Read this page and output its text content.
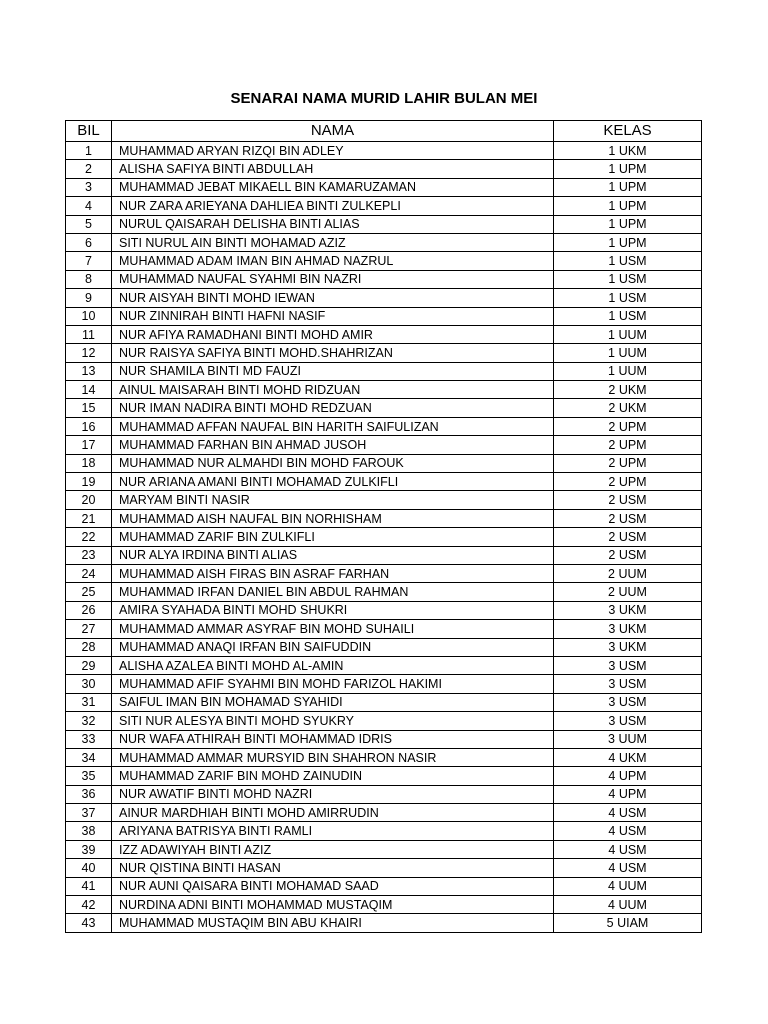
SENARAI NAMA MURID LAHIR BULAN MEI
BIL	NAMA	KELAS
1	MUHAMMAD ARYAN RIZQI BIN ADLEY	1 UKM
2	ALISHA SAFIYA BINTI ABDULLAH	1 UPM
3	MUHAMMAD JEBAT MIKAELL BIN KAMARUZAMAN	1 UPM
4	NUR ZARA ARIEYANA DAHLIEA BINTI ZULKEPLI	1 UPM
5	NURUL QAISARAH DELISHA BINTI ALIAS	1 UPM
6	SITI NURUL AIN BINTI MOHAMAD AZIZ	1 UPM
7	MUHAMMAD ADAM IMAN BIN AHMAD NAZRUL	1 USM
8	MUHAMMAD NAUFAL SYAHMI BIN NAZRI	1 USM
9	NUR AISYAH BINTI MOHD IEWAN	1 USM
10	NUR ZINNIRAH BINTI HAFNI NASIF	1 USM
11	NUR AFIYA RAMADHANI BINTI MOHD AMIR	1 UUM
12	NUR RAISYA SAFIYA BINTI MOHD.SHAHRIZAN	1 UUM
13	NUR SHAMILA BINTI MD FAUZI	1 UUM
14	AINUL MAISARAH BINTI MOHD RIDZUAN	2 UKM
15	NUR IMAN NADIRA BINTI MOHD REDZUAN	2 UKM
16	MUHAMMAD AFFAN NAUFAL BIN HARITH SAIFULIZAN	2 UPM
17	MUHAMMAD FARHAN BIN AHMAD JUSOH	2 UPM
18	MUHAMMAD NUR ALMAHDI BIN MOHD FAROUK	2 UPM
19	NUR ARIANA AMANI BINTI MOHAMAD ZULKIFLI	2 UPM
20	MARYAM BINTI NASIR	2 USM
21	MUHAMMAD AISH NAUFAL BIN NORHISHAM	2 USM
22	MUHAMMAD ZARIF BIN ZULKIFLI	2 USM
23	NUR ALYA IRDINA BINTI ALIAS	2 USM
24	MUHAMMAD AISH FIRAS BIN ASRAF FARHAN	2 UUM
25	MUHAMMAD IRFAN DANIEL BIN ABDUL RAHMAN	2 UUM
26	AMIRA SYAHADA BINTI MOHD SHUKRI	3 UKM
27	MUHAMMAD AMMAR ASYRAF BIN MOHD SUHAILI	3 UKM
28	MUHAMMAD ANAQI IRFAN BIN SAIFUDDIN	3 UKM
29	ALISHA AZALEA BINTI MOHD AL-AMIN	3 USM
30	MUHAMMAD AFIF SYAHMI BIN MOHD FARIZOL HAKIMI	3 USM
31	SAIFUL IMAN BIN MOHAMAD SYAHIDI	3 USM
32	SITI NUR ALESYA BINTI MOHD SYUKRY	3 USM
33	NUR WAFA ATHIRAH BINTI MOHAMMAD IDRIS	3 UUM
34	MUHAMMAD AMMAR MURSYID BIN SHAHRON NASIR	4 UKM
35	MUHAMMAD ZARIF BIN MOHD ZAINUDIN	4 UPM
36	NUR AWATIF BINTI MOHD NAZRI	4 UPM
37	AINUR MARDHIAH BINTI MOHD AMIRRUDIN	4 USM
38	ARIYANA BATRISYA BINTI RAMLI	4 USM
39	IZZ ADAWIYAH BINTI AZIZ	4 USM
40	NUR QISTINA BINTI HASAN	4 USM
41	NUR AUNI QAISARA BINTI MOHAMAD SAAD	4 UUM
42	NURDINA ADNI BINTI MOHAMMAD MUSTAQIM	4 UUM
43	MUHAMMAD MUSTAQIM BIN ABU KHAIRI	5 UIAM
